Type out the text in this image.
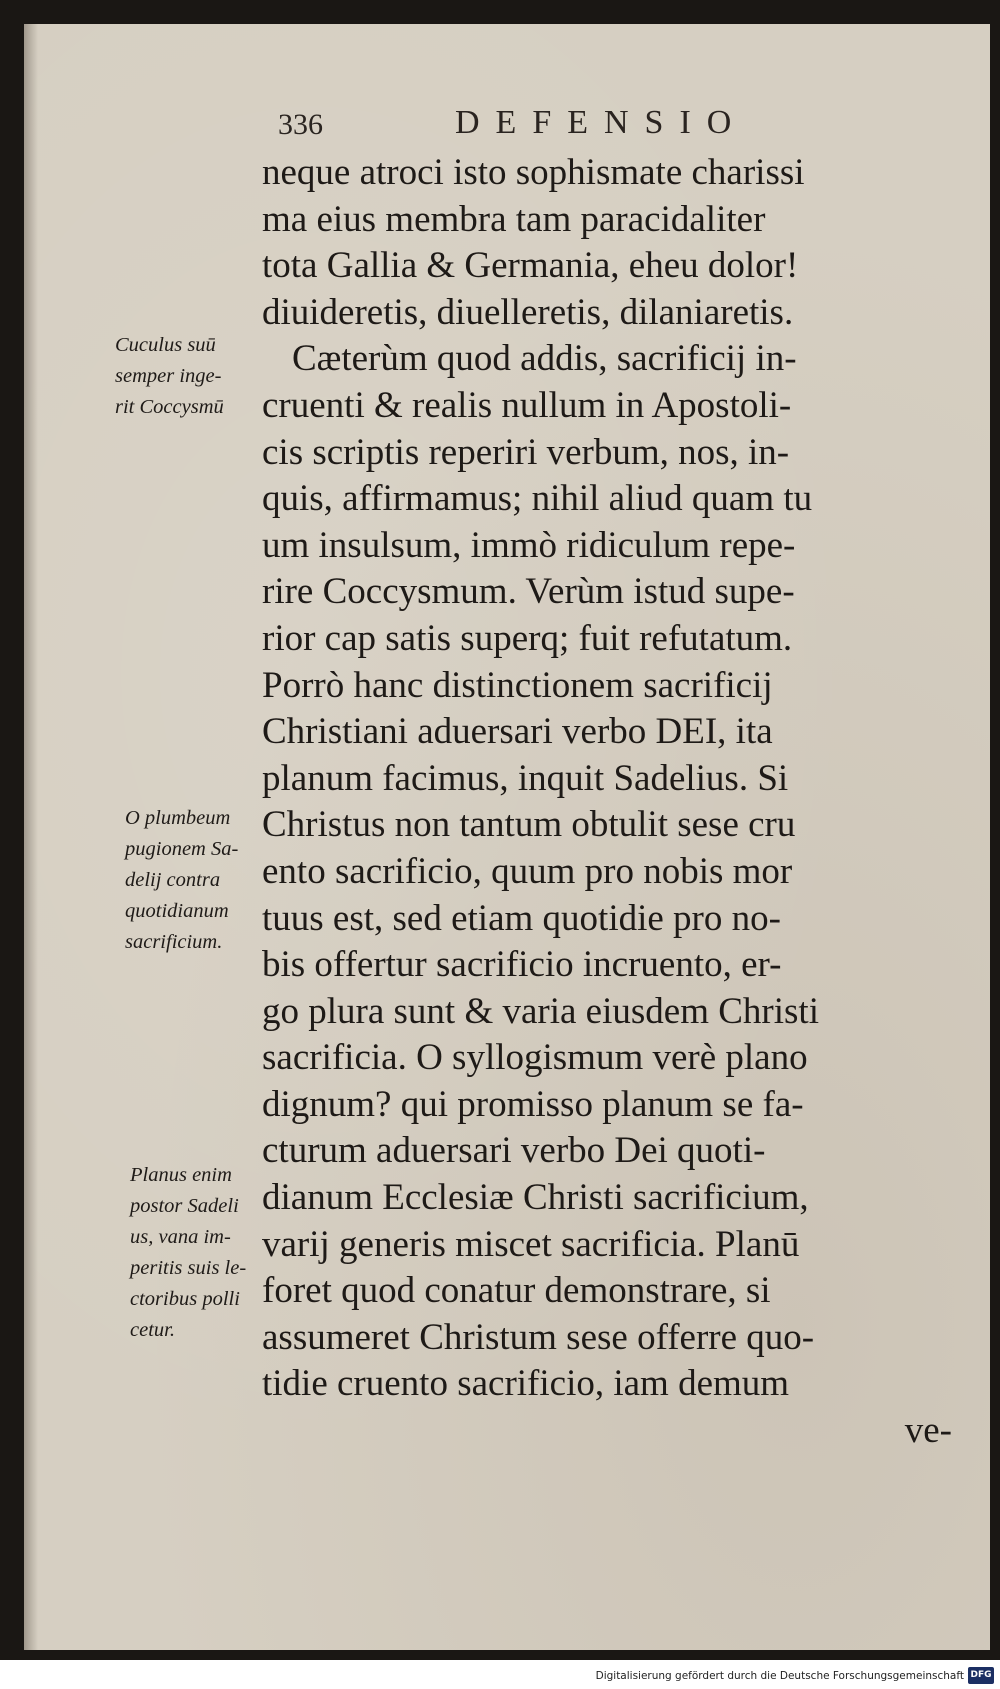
336	DEFENSIO
neque atroci isto sophismate charissi
ma eius membra tam paracidaliter
tota Gallia & Germania, eheu dolor!
diuideretis, diuelleretis, dilaniaretis.
Cæterùm quod addis, sacrificij in-
cruenti & realis nullum in Apostoli-
cis scriptis reperiri verbum, nos, in-
quis, affirmamus; nihil aliud quam tu
um insulsum, immò ridiculum repe-
rire Coccysmum. Verùm istud supe-
rior cap satis superq; fuit refutatum.
Porrò hanc distinctionem sacrificij
Christiani aduersari verbo DEI, ita
planum facimus, inquit Sadelius. Si
Christus non tantum obtulit sese cru
ento sacrificio, quum pro nobis mor
tuus est, sed etiam quotidie pro no-
bis offertur sacrificio incruento, er-
go plura sunt & varia eiusdem Christi
sacrificia. O syllogismum verè plano
dignum? qui promisso planum se fa-
cturum aduersari verbo Dei quoti-
dianum Ecclesiæ Christi sacrificium,
varij generis miscet sacrificia. Planū
foret quod conatur demonstrare, si
assumeret Christum sese offerre quo-
tidie cruento sacrificio, iam demum
ve-
Cuculus suū
semper inge-
rit Coccysmū
O plumbeum
pugionem Sa-
delij contra
quotidianum
sacrificium.
Planus enim
postor Sadeli
us, vana im-
peritis suis le-
ctoribus polli
cetur.
Digitalisierung gefördert durch die Deutsche Forschungsgemeinschaft DFG
